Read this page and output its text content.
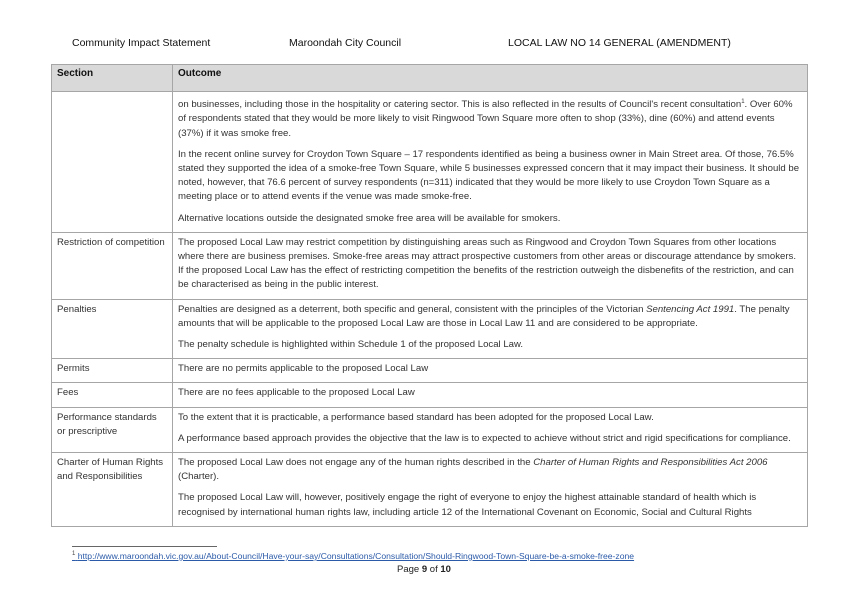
Community Impact Statement	Maroondah City Council	LOCAL LAW NO 14 GENERAL (AMENDMENT)
Section	Outcome

	on businesses, including those in the hospitality or catering sector. This is also reflected in the results of Council's recent consultation$^1$. Over 60% of respondents stated that they would be more likely to visit Ringwood Town Square more often to shop (33%), dine (60%) and attend events (37%) if it was smoke free.

In the recent online survey for Croydon Town Square – 17 respondents identified as being a business owner in Main Street area. Of those, 76.5% stated they supported the idea of a smoke-free Town Square, while 5 businesses expressed concern that it may impact their business. It should be noted, however, that 76.6 percent of survey respondents (n=311) indicated that they would be more likely to use Croydon Town Square as a meeting place or to attend events if the venue was made smoke-free.

Alternative locations outside the designated smoke free area will be available for smokers.

Restriction of competition	The proposed Local Law may restrict competition by distinguishing areas such as Ringwood and Croydon Town Squares from other locations where there are business premises. Smoke-free areas may attract prospective customers from other areas or discourage attendance by smokers. If the proposed Local Law has the effect of restricting competition the benefits of the restriction outweigh the disbenefits of the restriction, and can be characterised as being in the public interest.

Penalties	Penalties are designed as a deterrent, both specific and general, consistent with the principles of the Victorian Sentencing Act 1991. The penalty amounts that will be applicable to the proposed Local Law are those in Local Law 11 and are considered to be appropriate.

The penalty schedule is highlighted within Schedule 1 of the proposed Local Law.

Permits	There are no permits applicable to the proposed Local Law

Fees	There are no fees applicable to the proposed Local Law

Performance standards or prescriptive	To the extent that it is practicable, a performance based standard has been adopted for the proposed Local Law.

A performance based approach provides the objective that the law is to expected to achieve without strict and rigid specifications for compliance.

Charter of Human Rights and Responsibilities	The proposed Local Law does not engage any of the human rights described in the Charter of Human Rights and Responsibilities Act 2006 (Charter).

The proposed Local Law will, however, positively engage the right of everyone to enjoy the highest attainable standard of health which is recognised by international human rights law, including article 12 of the International Covenant on Economic, Social and Cultural Rights

$^1$ http://www.maroondah.vic.gov.au/About-Council/Have-your-say/Consultations/Consultation/Should-Ringwood-Town-Square-be-a-smoke-free-zone
Page 9 of 10
